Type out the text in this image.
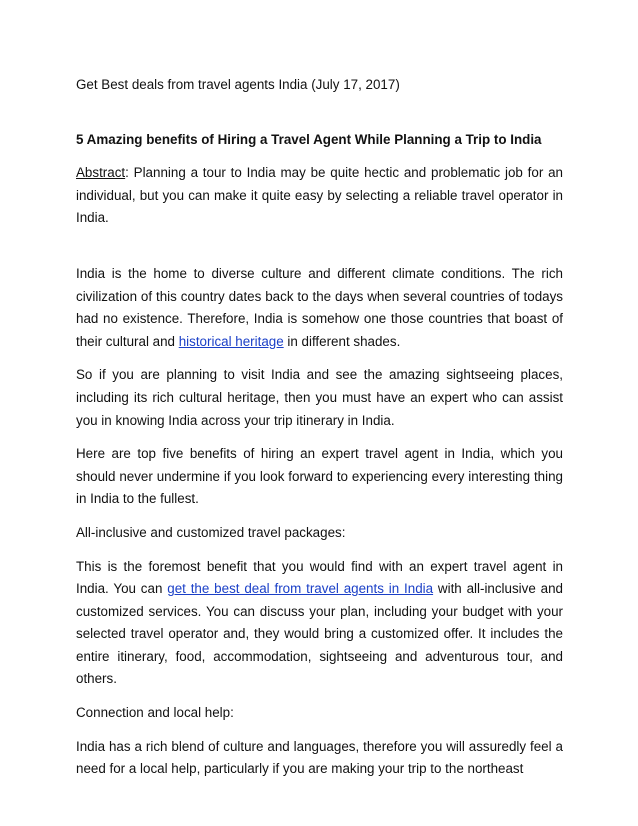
Get Best deals from travel agents India (July 17, 2017)

5 Amazing benefits of Hiring a Travel Agent While Planning a Trip to India

Abstract: Planning a tour to India may be quite hectic and problematic job for an individual, but you can make it quite easy by selecting a reliable travel operator in India.

India is the home to diverse culture and different climate conditions. The rich civilization of this country dates back to the days when several countries of todays had no existence. Therefore, India is somehow one those countries that boast of their cultural and historical heritage in different shades.

So if you are planning to visit India and see the amazing sightseeing places, including its rich cultural heritage, then you must have an expert who can assist you in knowing India across your trip itinerary in India.

Here are top five benefits of hiring an expert travel agent in India, which you should never undermine if you look forward to experiencing every interesting thing in India to the fullest.

All-inclusive and customized travel packages:

This is the foremost benefit that you would find with an expert travel agent in India. You can get the best deal from travel agents in India with all-inclusive and customized services. You can discuss your plan, including your budget with your selected travel operator and, they would bring a customized offer. It includes the entire itinerary, food, accommodation, sightseeing and adventurous tour, and others.

Connection and local help:

India has a rich blend of culture and languages, therefore you will assuredly feel a need for a local help, particularly if you are making your trip to the northeast
